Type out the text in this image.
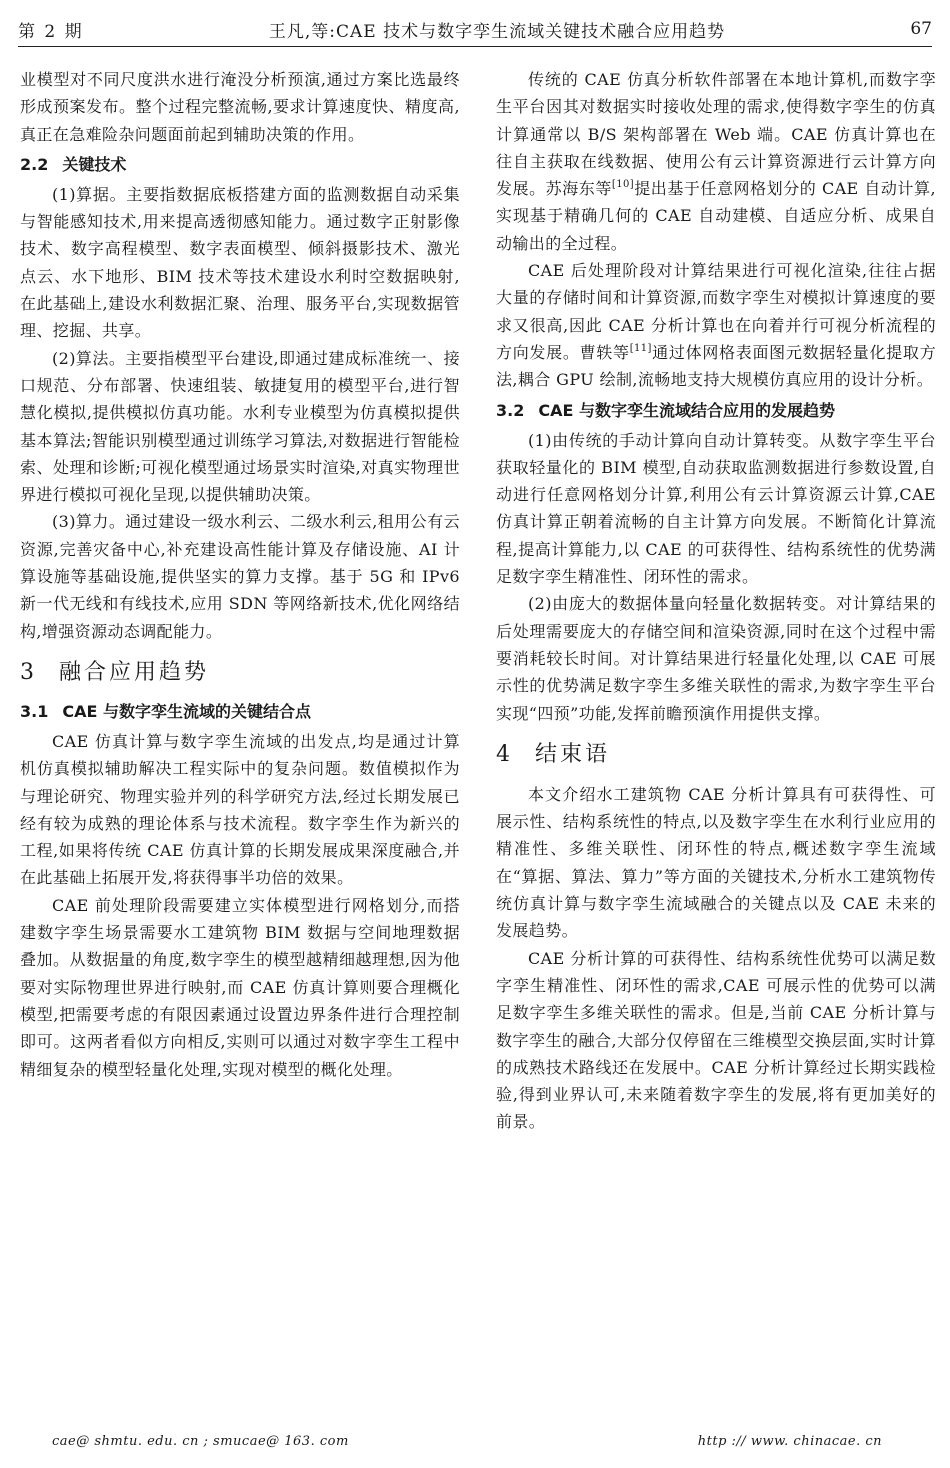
第 2 期	王凡,等:CAE 技术与数字孪生流域关键技术融合应用趋势	67

业模型对不同尺度洪水进行淹没分析预演,通过方案比选最终形成预案发布。整个过程完整流畅,要求计算速度快、精度高,真正在急难险杂问题面前起到辅助决策的作用。

2.2 关键技术

(1)算据。主要指数据底板搭建方面的监测数据自动采集与智能感知技术,用来提高透彻感知能力。通过数字正射影像技术、数字高程模型、数字表面模型、倾斜摄影技术、激光点云、水下地形、BIM 技术等技术建设水利时空数据映射,在此基础上,建设水利数据汇聚、治理、服务平台,实现数据管理、挖掘、共享。

(2)算法。主要指模型平台建设,即通过建成标准统一、接口规范、分布部署、快速组装、敏捷复用的模型平台,进行智慧化模拟,提供模拟仿真功能。水利专业模型为仿真模拟提供基本算法;智能识别模型通过训练学习算法,对数据进行智能检索、处理和诊断;可视化模型通过场景实时渲染,对真实物理世界进行模拟可视化呈现,以提供辅助决策。

(3)算力。通过建设一级水利云、二级水利云,租用公有云资源,完善灾备中心,补充建设高性能计算及存储设施、AI 计算设施等基础设施,提供坚实的算力支撑。基于 5G 和 IPv6 新一代无线和有线技术,应用 SDN 等网络新技术,优化网络结构,增强资源动态调配能力。

3 融合应用趋势
3.1 CAE 与数字孪生流域的关键结合点

CAE 仿真计算与数字孪生流域的出发点,均是通过计算机仿真模拟辅助解决工程实际中的复杂问题。数值模拟作为与理论研究、物理实验并列的科学研究方法,经过长期发展已经有较为成熟的理论体系与技术流程。数字孪生作为新兴的工程,如果将传统 CAE 仿真计算的长期发展成果深度融合,并在此基础上拓展开发,将获得事半功倍的效果。

CAE 前处理阶段需要建立实体模型进行网格划分,而搭建数字孪生场景需要水工建筑物 BIM 数据与空间地理数据叠加。从数据量的角度,数字孪生的模型越精细越理想,因为他要对实际物理世界进行映射,而 CAE 仿真计算则要合理概化模型,把需要考虑的有限因素通过设置边界条件进行合理控制即可。这两者看似方向相反,实则可以通过对数字孪生工程中精细复杂的模型轻量化处理,实现对模型的概化处理。

传统的 CAE 仿真分析软件部署在本地计算机,而数字孪生平台因其对数据实时接收处理的需求,使得数字孪生的仿真计算通常以 B/S 架构部署在 Web 端。CAE 仿真计算也在往自主获取在线数据、使用公有云计算资源进行云计算方向发展。苏海东等[10]提出基于任意网格划分的 CAE 自动计算,实现基于精确几何的 CAE 自动建模、自适应分析、成果自动输出的全过程。

CAE 后处理阶段对计算结果进行可视化渲染,往往占据大量的存储时间和计算资源,而数字孪生对模拟计算速度的要求又很高,因此 CAE 分析计算也在向着并行可视分析流程的方向发展。曹轶等[11]通过体网格表面图元数据轻量化提取方法,耦合 GPU 绘制,流畅地支持大规模仿真应用的设计分析。

3.2 CAE 与数字孪生流域结合应用的发展趋势

(1)由传统的手动计算向自动计算转变。从数字孪生平台获取轻量化的 BIM 模型,自动获取监测数据进行参数设置,自动进行任意网格划分计算,利用公有云计算资源云计算,CAE 仿真计算正朝着流畅的自主计算方向发展。不断简化计算流程,提高计算能力,以 CAE 的可获得性、结构系统性的优势满足数字孪生精准性、闭环性的需求。

(2)由庞大的数据体量向轻量化数据转变。对计算结果的后处理需要庞大的存储空间和渲染资源,同时在这个过程中需要消耗较长时间。对计算结果进行轻量化处理,以 CAE 可展示性的优势满足数字孪生多维关联性的需求,为数字孪生平台实现“四预”功能,发挥前瞻预演作用提供支撑。

4 结束语

本文介绍水工建筑物 CAE 分析计算具有可获得性、可展示性、结构系统性的特点,以及数字孪生在水利行业应用的精准性、多维关联性、闭环性的特点,概述数字孪生流域在“算据、算法、算力”等方面的关键技术,分析水工建筑物传统仿真计算与数字孪生流域融合的关键点以及 CAE 未来的发展趋势。

CAE 分析计算的可获得性、结构系统性优势可以满足数字孪生精准性、闭环性的需求,CAE 可展示性的优势可以满足数字孪生多维关联性的需求。但是,当前 CAE 分析计算与数字孪生的融合,大部分仅停留在三维模型交换层面,实时计算的成熟技术路线还在发展中。CAE 分析计算经过长期实践检验,得到业界认可,未来随着数字孪生的发展,将有更加美好的前景。

cae@ shmtu. edu. cn ; smucae@ 163. com	http :// www. chinacae. cn
